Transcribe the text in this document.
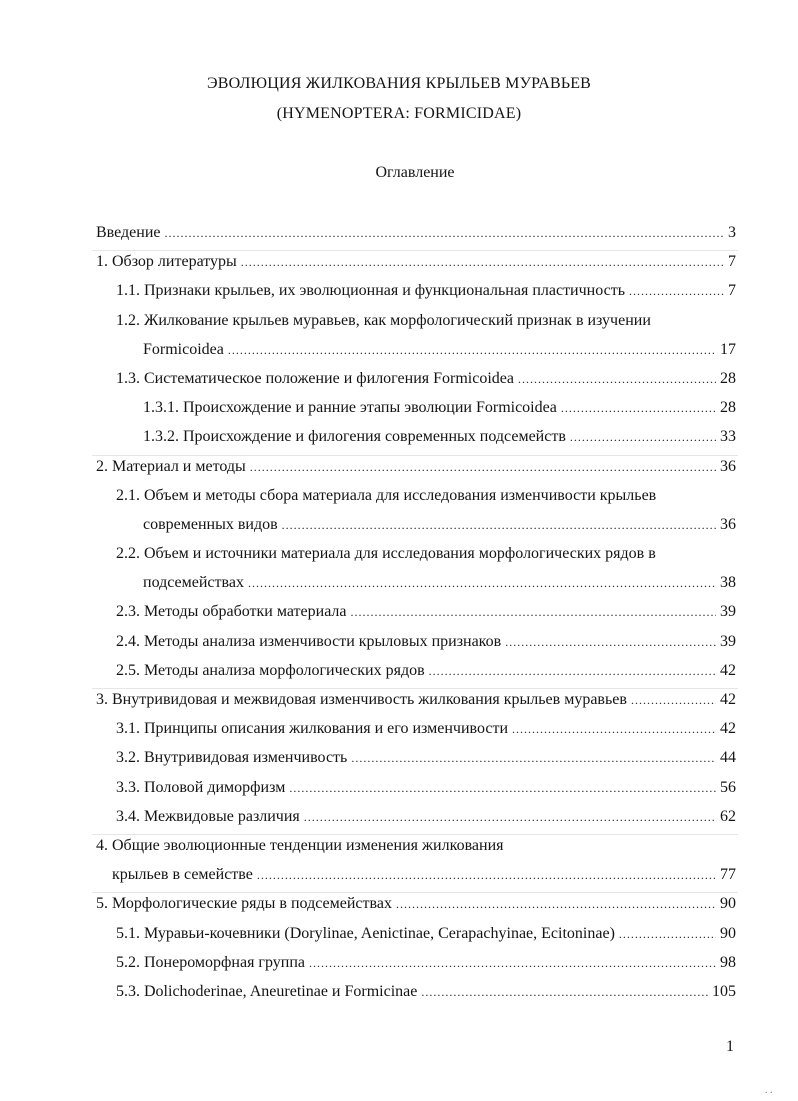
ЭВОЛЮЦИЯ ЖИЛКОВАНИЯ КРЫЛЬЕВ МУРАВЬЕВ
(HYMENOPTERA: FORMICIDAE)
Оглавление
Введение .....	3
1. Обзор литературы .....	7
1.1. Признаки крыльев, их эволюционная и функциональная пластичность .....	7
1.2. Жилкование крыльев муравьев, как морфологический признак в изучении
Formicoidea .....	17
1.3. Систематическое положение и филогения Formicoidea .....	28
1.3.1. Происхождение и ранние этапы эволюции Formicoidea .....	28
1.3.2. Происхождение и филогения современных подсемейств .....	33
2. Материал и методы .....	36
2.1. Объем и методы сбора материала для исследования изменчивости крыльев
современных видов .....	36
2.2. Объем и источники материала для исследования морфологических рядов в
подсемействах .....	38
2.3. Методы обработки материала .....	39
2.4. Методы анализа изменчивости крыловых признаков .....	39
2.5. Методы анализа морфологических рядов .....	42
3. Внутривидовая и межвидовая изменчивость жилкования крыльев муравьев .....	42
3.1. Принципы описания жилкования и его изменчивости .....	42
3.2. Внутривидовая изменчивость .....	44
3.3. Половой диморфизм .....	56
3.4. Межвидовые различия .....	62
4. Общие эволюционные тенденции изменения жилкования
крыльев в семействе .....	77
5. Морфологические ряды в подсемействах .....	90
5.1. Муравьи-кочевники (Dorylinae, Aenictinae, Cerapachyinae, Ecitoninae) .....	90
5.2. Понероморфная группа .....	98
5.3. Dolichoderinae, Aneuretinae и Formicinae .....	105
1
. .
